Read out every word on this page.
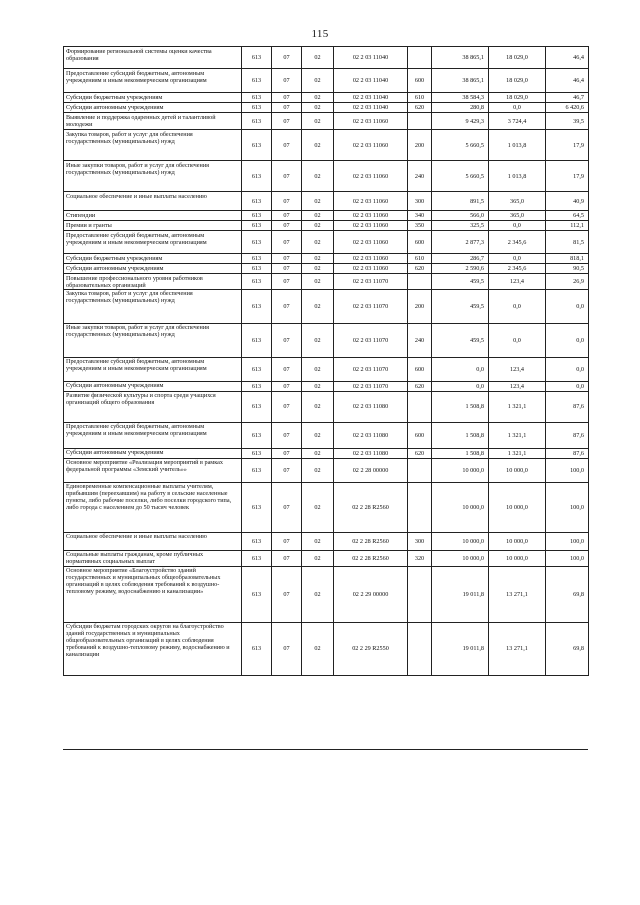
115
Формирование региональной системы оценки качества образования	613	07	02	02 2 03 11040		38 865,1	18 029,0	46,4
Предоставление субсидий бюджетным, автономным учреждениям и иным некоммерческим организациям	613	07	02	02 2 03 11040	600	38 865,1	18 029,0	46,4
Субсидии бюджетным учреждениям	613	07	02	02 2 03 11040	610	38 584,3	18 029,0	46,7
Субсидии автономным учреждениям	613	07	02	02 2 03 11040	620	280,8	0,0	6 420,6
Выявление и поддержка одаренных детей и талантливой молодежи	613	07	02	02 2 03 11060		9 429,3	3 724,4	39,5
Закупка товаров, работ и услуг для обеспечения государственных (муниципальных) нужд	613	07	02	02 2 03 11060	200	5 660,5	1 013,8	17,9
Иные закупки товаров, работ и услуг для обеспечения государственных (муниципальных) нужд	613	07	02	02 2 03 11060	240	5 660,5	1 013,8	17,9
Социальное обеспечение и иные выплаты населению	613	07	02	02 2 03 11060	300	891,5	365,0	40,9
Стипендии	613	07	02	02 2 03 11060	340	566,0	365,0	64,5
Премии и гранты	613	07	02	02 2 03 11060	350	325,5	0,0	112,1
Предоставление субсидий бюджетным, автономным учреждениям и иным некоммерческим организациям	613	07	02	02 2 03 11060	600	2 877,3	2 345,6	81,5
Субсидии бюджетным учреждениям	613	07	02	02 2 03 11060	610	286,7	0,0	818,1
Субсидии автономным учреждениям	613	07	02	02 2 03 11060	620	2 590,6	2 345,6	90,5
Повышение профессионального уровня работников образовательных организаций	613	07	02	02 2 03 11070		459,5	123,4	26,9
Закупка товаров, работ и услуг для обеспечения государственных (муниципальных) нужд	613	07	02	02 2 03 11070	200	459,5	0,0	0,0
Иные закупки товаров, работ и услуг для обеспечения государственных (муниципальных) нужд	613	07	02	02 2 03 11070	240	459,5	0,0	0,0
Предоставление субсидий бюджетным, автономным учреждениям и иным некоммерческим организациям	613	07	02	02 2 03 11070	600	0,0	123,4	0,0
Субсидии автономным учреждениям	613	07	02	02 2 03 11070	620	0,0	123,4	0,0
Развитие физической культуры и спорта среди учащихся организаций общего образования	613	07	02	02 2 03 11080		1 508,8	1 321,1	87,6
Предоставление субсидий бюджетным, автономным учреждениям и иным некоммерческим организациям	613	07	02	02 2 03 11080	600	1 508,8	1 321,1	87,6
Субсидии автономным учреждениям	613	07	02	02 2 03 11080	620	1 508,8	1 321,1	87,6
Основное мероприятие «Реализация мероприятий в рамках федеральной программы «Земский учитель»»	613	07	02	02 2 28 00000		10 000,0	10 000,0	100,0
Единовременные компенсационные выплаты учителям, прибывшим (переехавшим) на работу в сельские населенные пункты, либо рабочие поселки, либо поселки городского типа, либо города с населением до 50 тысяч человек	613	07	02	02 2 28 R2560		10 000,0	10 000,0	100,0
Социальное обеспечение и иные выплаты населению	613	07	02	02 2 28 R2560	300	10 000,0	10 000,0	100,0
Социальные выплаты гражданам, кроме публичных нормативных социальных выплат	613	07	02	02 2 28 R2560	320	10 000,0	10 000,0	100,0
Основное мероприятие «Благоустройство зданий государственных и муниципальных общеобразовательных организаций в целях соблюдения требований к воздушно-тепловому режиму, водоснабжению и канализации»	613	07	02	02 2 29 00000		19 011,8	13 271,1	69,8
Субсидии бюджетам городских округов на благоустройство зданий государственных и муниципальных общеобразовательных организаций в целях соблюдения требований к воздушно-тепловому режиму, водоснабжению и канализации	613	07	02	02 2 29 R2550		19 011,8	13 271,1	69,8
